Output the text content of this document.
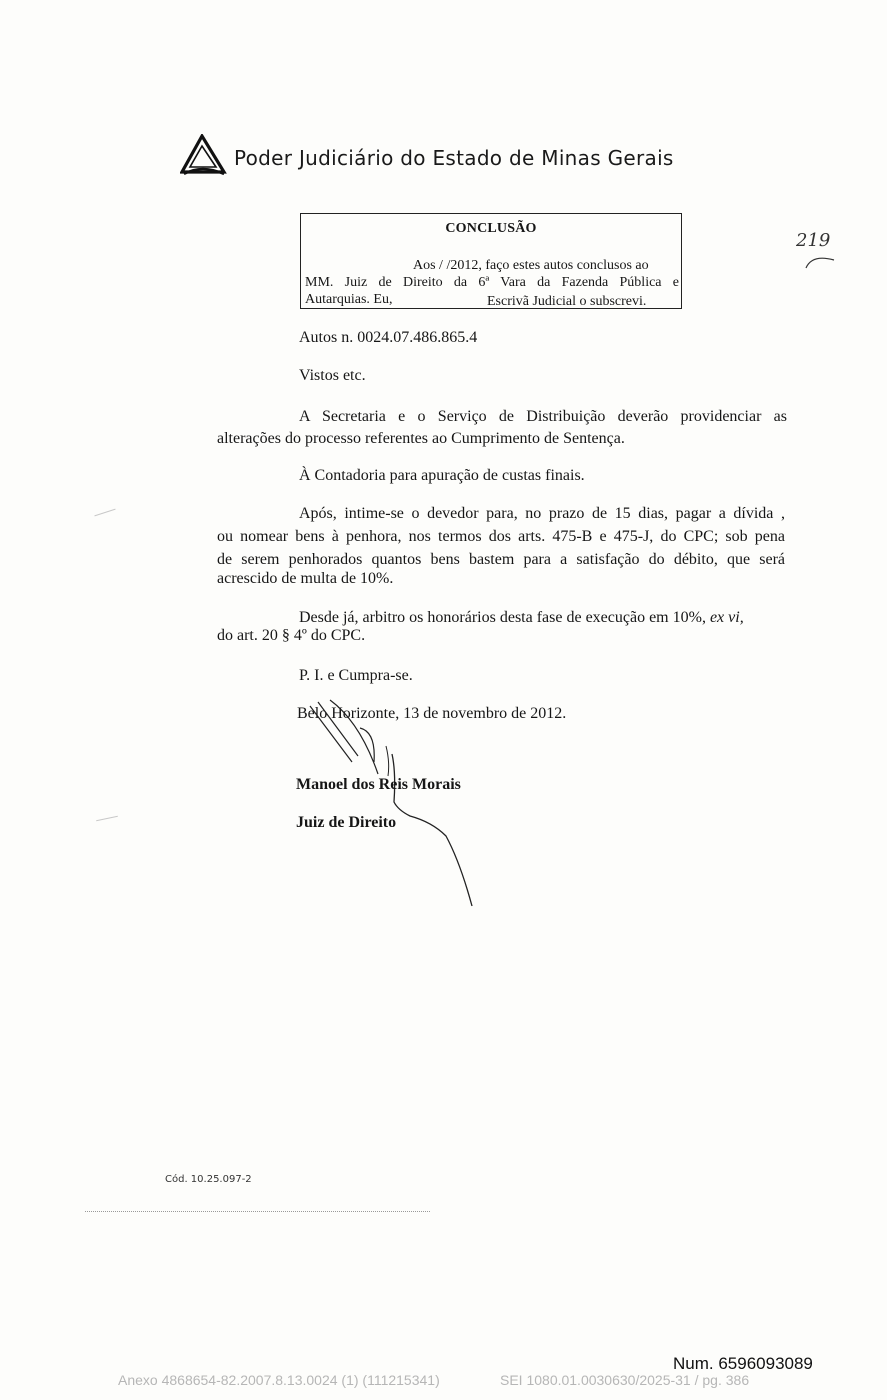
Poder Judiciário do Estado de Minas Gerais
CONCLUSÃO
Aos / /2012, faço estes autos conclusos ao
MM. Juiz de Direito da 6ª Vara da Fazenda Pública e
Autarquias. Eu,	Escrivã Judicial o subscrevi.
219
Autos n. 0024.07.486.865.4
Vistos etc.
A Secretaria e o Serviço de Distribuição deverão providenciar as
alterações do processo referentes ao Cumprimento de Sentença.
À Contadoria para apuração de custas finais.
Após, intime-se o devedor para, no prazo de 15 dias, pagar a dívida ,
ou nomear bens à penhora, nos termos dos arts. 475-B e 475-J, do CPC; sob pena
de serem penhorados quantos bens bastem para a satisfação do débito, que será
acrescido de multa de 10%.
Desde já, arbitro os honorários desta fase de execução em 10%, ex vi,
do art. 20 § 4º do CPC.
P. I. e Cumpra-se.
Belo Horizonte, 13 de novembro de 2012.
Manoel dos Reis Morais
Juiz de Direito
Cód. 10.25.097-2
Num. 6596093089
Anexo 4868654-82.2007.8.13.0024 (1) (111215341)	SEI 1080.01.0030630/2025-31 / pg. 386
